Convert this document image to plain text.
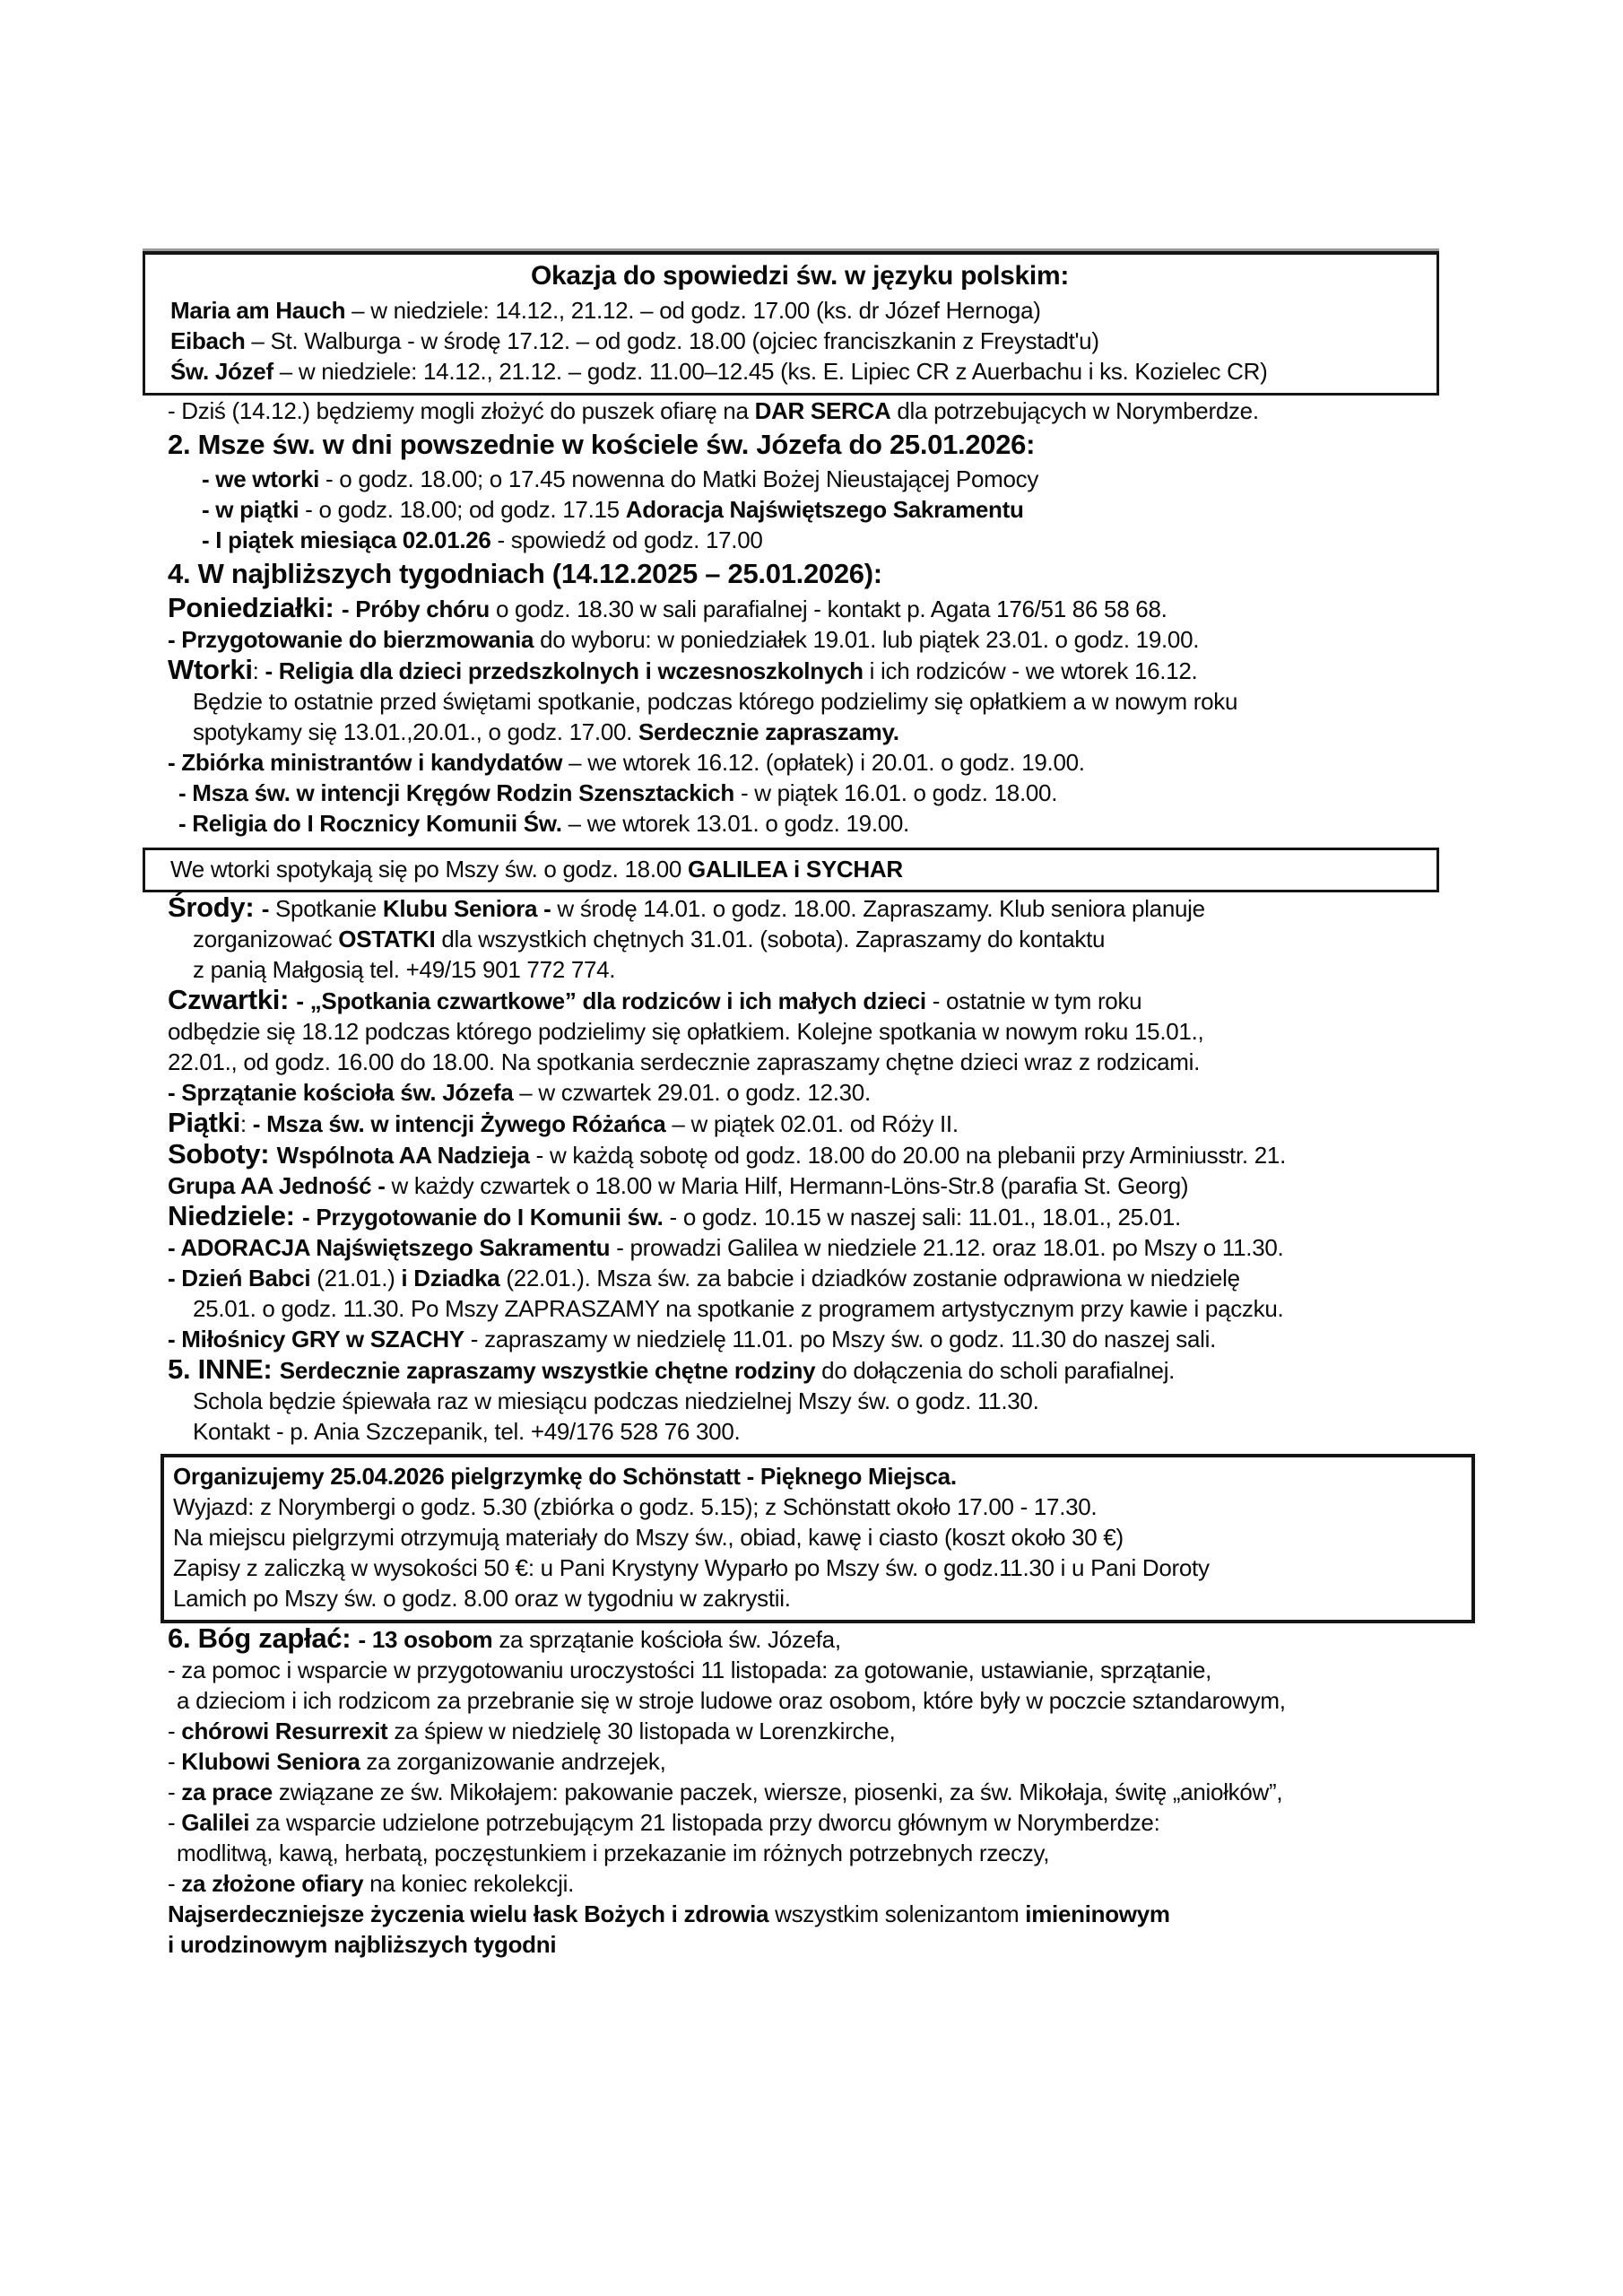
Okazja do spowiedzi św. w języku polskim:

Maria am Hauch – w niedziele: 14.12., 21.12. – od godz. 17.00 (ks. dr Józef Hernoga)

Eibach – St. Walburga - w środę 17.12. – od godz. 18.00 (ojciec franciszkanin z Freystadt'u)

Św. Józef – w niedziele: 14.12., 21.12. – godz. 11.00–12.45 (ks. E. Lipiec CR z Auerbachu i ks. Kozielec CR)

- Dziś (14.12.) będziemy mogli złożyć do puszek ofiarę na DAR SERCA dla potrzebujących w Norymberdze.

2. Msze św. w dni powszednie w kościele św. Józefa do 25.01.2026:

- we wtorki - o godz. 18.00; o 17.45 nowenna do Matki Bożej Nieustającej Pomocy

- w piątki - o godz. 18.00; od godz. 17.15 Adoracja Najświętszego Sakramentu

- I piątek miesiąca 02.01.26 - spowiedź od godz. 17.00

4. W najbliższych tygodniach (14.12.2025 – 25.01.2026):

Poniedziałki: - Próby chóru o godz. 18.30 w sali parafialnej - kontakt p. Agata 176/51 86 58 68.

- Przygotowanie do bierzmowania do wyboru: w poniedziałek 19.01. lub piątek 23.01. o godz. 19.00.

Wtorki: - Religia dla dzieci przedszkolnych i wczesnoszkolnych i ich rodziców - we wtorek 16.12.

Będzie to ostatnie przed świętami spotkanie, podczas którego podzielimy się opłatkiem a w nowym roku

spotykamy się 13.01.,20.01., o godz. 17.00. Serdecznie zapraszamy.

- Zbiórka ministrantów i kandydatów – we wtorek 16.12. (opłatek) i 20.01. o godz. 19.00.

- Msza św. w intencji Kręgów Rodzin Szensztackich - w piątek 16.01. o godz. 18.00.

- Religia do I Rocznicy Komunii Św. – we wtorek 13.01. o godz. 19.00.

We wtorki spotykają się po Mszy św. o godz. 18.00 GALILEA i SYCHAR

Środy: - Spotkanie Klubu Seniora - w środę 14.01. o godz. 18.00. Zapraszamy. Klub seniora planuje

zorganizować OSTATKI dla wszystkich chętnych 31.01. (sobota). Zapraszamy do kontaktu

z panią Małgosią tel. +49/15 901 772 774.

Czwartki: - „Spotkania czwartkowe” dla rodziców i ich małych dzieci - ostatnie w tym roku

odbędzie się 18.12 podczas którego podzielimy się opłatkiem. Kolejne spotkania w nowym roku 15.01.,

22.01., od godz. 16.00 do 18.00. Na spotkania serdecznie zapraszamy chętne dzieci wraz z rodzicami.

- Sprzątanie kościoła św. Józefa – w czwartek 29.01. o godz. 12.30.

Piątki: - Msza św. w intencji Żywego Różańca – w piątek 02.01. od Róży II.

Soboty: Wspólnota AA Nadzieja - w każdą sobotę od godz. 18.00 do 20.00 na plebanii przy Arminiusstr. 21.

Grupa AA Jedność - w każdy czwartek o 18.00 w Maria Hilf, Hermann-Löns-Str.8 (parafia St. Georg)

Niedziele: - Przygotowanie do I Komunii św. - o godz. 10.15 w naszej sali: 11.01., 18.01., 25.01.

- ADORACJA Najświętszego Sakramentu - prowadzi Galilea w niedziele 21.12. oraz 18.01. po Mszy o 11.30.

- Dzień Babci (21.01.) i Dziadka (22.01.). Msza św. za babcie i dziadków zostanie odprawiona w niedzielę

25.01. o godz. 11.30. Po Mszy ZAPRASZAMY na spotkanie z programem artystycznym przy kawie i pączku.

- Miłośnicy GRY w SZACHY - zapraszamy w niedzielę 11.01. po Mszy św. o godz. 11.30 do naszej sali.

5. INNE: Serdecznie zapraszamy wszystkie chętne rodziny do dołączenia do scholi parafialnej.

Schola będzie śpiewała raz w miesiącu podczas niedzielnej Mszy św. o godz. 11.30.

Kontakt - p. Ania Szczepanik, tel. +49/176 528 76 300.

Organizujemy 25.04.2026 pielgrzymkę do Schönstatt - Pięknego Miejsca.

Wyjazd: z Norymbergi o godz. 5.30 (zbiórka o godz. 5.15); z Schönstatt około 17.00 - 17.30.

Na miejscu pielgrzymi otrzymują materiały do Mszy św., obiad, kawę i ciasto (koszt około 30 €)

Zapisy z zaliczką w wysokości 50 €: u Pani Krystyny Wyparło po Mszy św. o godz.11.30 i u Pani Doroty

Lamich po Mszy św. o godz. 8.00 oraz w tygodniu w zakrystii.

6. Bóg zapłać: - 13 osobom za sprzątanie kościoła św. Józefa,

- za pomoc i wsparcie w przygotowaniu uroczystości 11 listopada: za gotowanie, ustawianie, sprzątanie,

a dzieciom i ich rodzicom za przebranie się w stroje ludowe oraz osobom, które były w poczcie sztandarowym,

- chórowi Resurrexit za śpiew w niedzielę 30 listopada w Lorenzkirche,

- Klubowi Seniora za zorganizowanie andrzejek,

- za prace związane ze św. Mikołajem: pakowanie paczek, wiersze, piosenki, za św. Mikołaja, świtę „aniołków”,

- Galilei za wsparcie udzielone potrzebującym 21 listopada przy dworcu głównym w Norymberdze:

modlitwą, kawą, herbatą, poczęstunkiem i przekazanie im różnych potrzebnych rzeczy,

- za złożone ofiary na koniec rekolekcji.

Najserdeczniejsze życzenia wielu łask Bożych i zdrowia wszystkim solenizantom imieninowym

i urodzinowym najbliższych tygodni
